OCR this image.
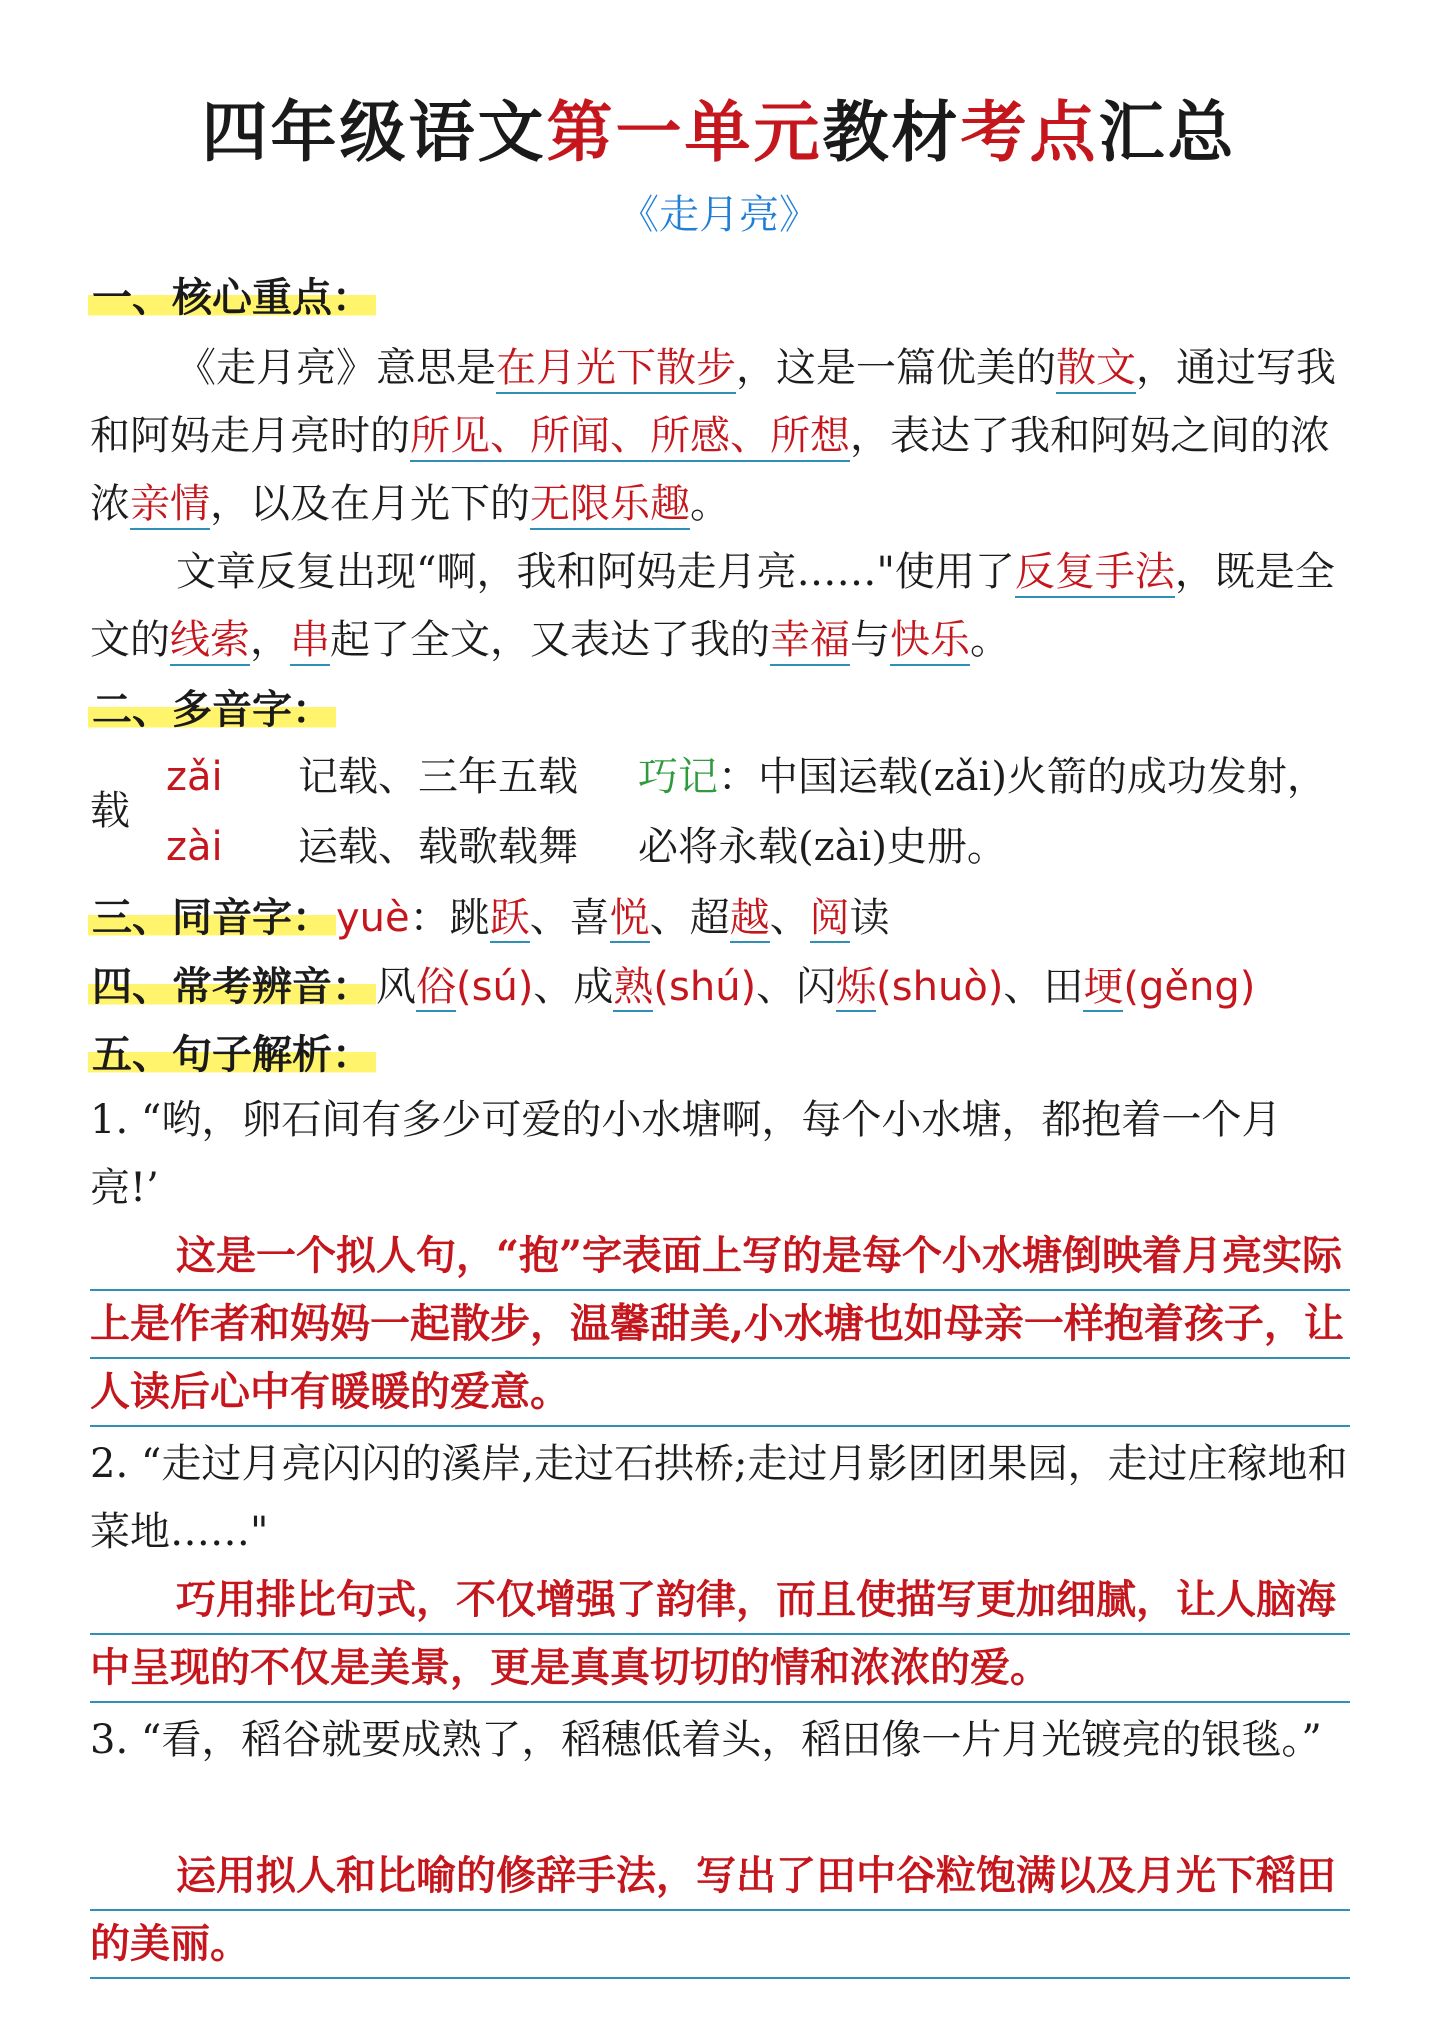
四年级语文第一单元教材考点汇总
《走月亮》
一、核心重点：

《走月亮》意思是在月光下散步，这是一篇优美的散文，通过写我和阿妈走月亮时的所见、所闻、所感、所想，表达了我和阿妈之间的浓浓亲情，以及在月光下的无限乐趣。

文章反复出现“啊，我和阿妈走月亮……"使用了反复手法，既是全文的线索，串起了全文，又表达了我的幸福与快乐。

二、多音字：
载
zǎi 记载、三年五载 巧记：中国运载(zǎi)火箭的成功发射，
zài 运载、载歌载舞 必将永载(zài)史册。
三、同音字： yuè：跳跃、喜悦、超越、阅读
四、常考辨音： 风俗(sú)、成熟(shú)、闪烁(shuò)、田埂(gěng)
五、句子解析：
1. “哟，卵石间有多少可爱的小水塘啊，每个小水塘，都抱着一个月亮!’
这是一个拟人句，“抱”字表面上写的是每个小水塘倒映着月亮实际上是作者和妈妈一起散步，温馨甜美,小水塘也如母亲一样抱着孩子，让人读后心中有暖暖的爱意。
2. “走过月亮闪闪的溪岸,走过石拱桥;走过月影团团果园，走过庄稼地和菜地……"
巧用排比句式，不仅增强了韵律，而且使描写更加细腻，让人脑海中呈现的不仅是美景，更是真真切切的情和浓浓的爱。
3. “看，稻谷就要成熟了，稻穗低着头，稻田像一片月光镀亮的银毯。”
运用拟人和比喻的修辞手法，写出了田中谷粒饱满以及月光下稻田的美丽。
